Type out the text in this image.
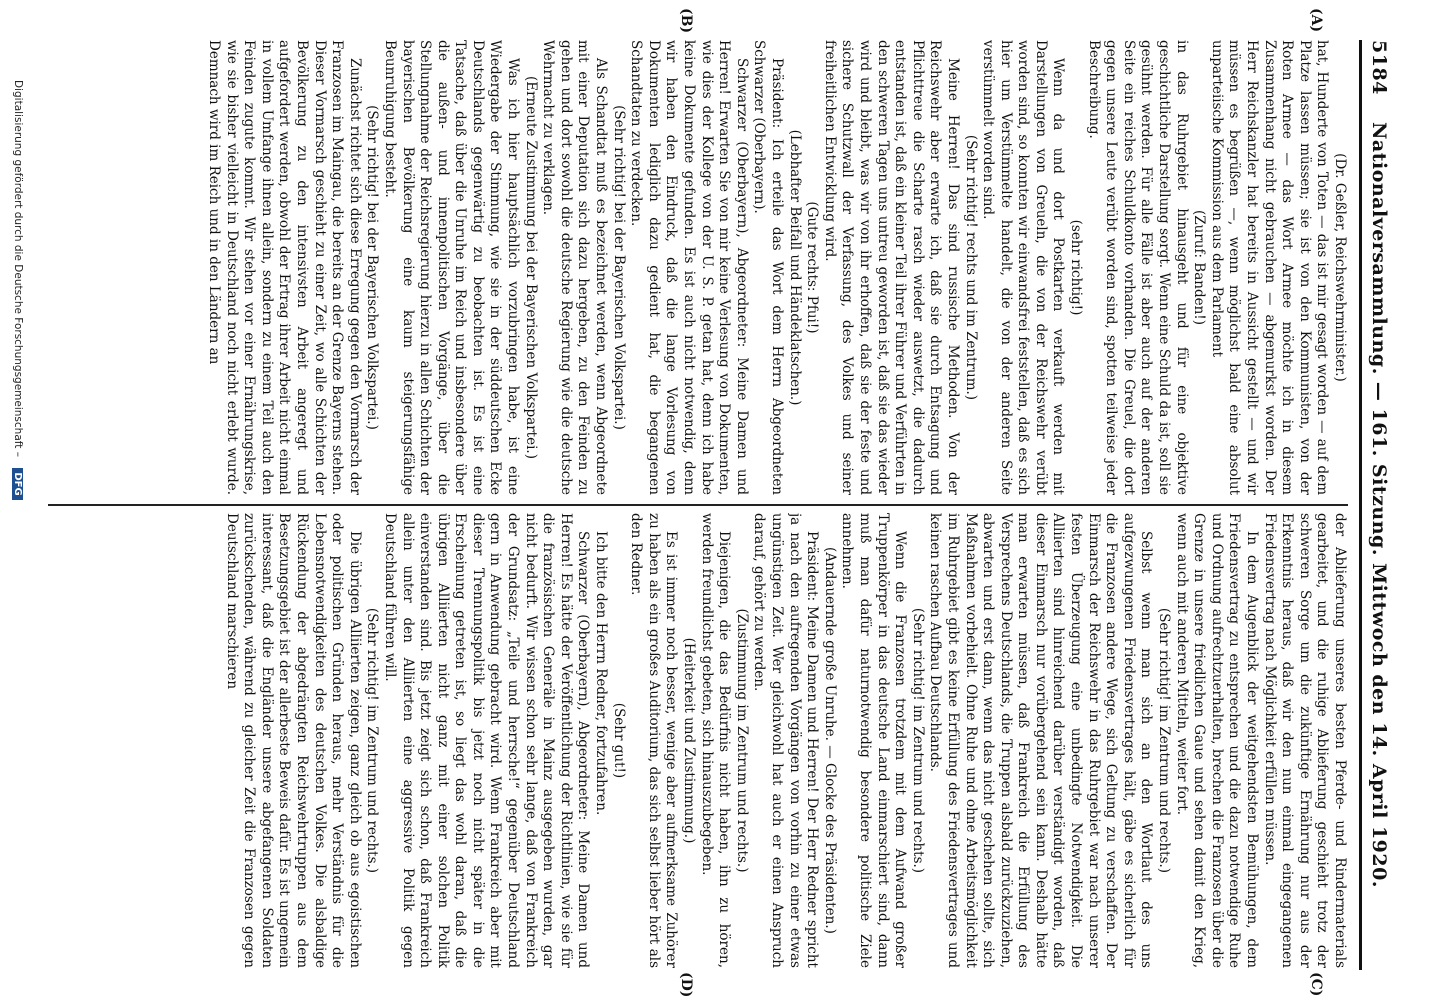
5184
Nationalversammlung. — 161. Sitzung. Mittwoch den 14. April 1920.
(A)
(B)
(C)
(D)

(Dr. Geßler, Reichswehrminister.)

hat, Hunderte von Toten — das ist mir gesagt worden — auf dem Platze lassen müssen; sie ist von den Kommunisten, von der Roten Armee — das Wort Armee möchte ich in diesem Zusammenhang nicht gebrauchen — abgemurkst worden. Der Herr Reichskanzler hat bereits in Aussicht gestellt — und wir müssen es begrüßen —, wenn möglichst bald eine absolut unparteiische Kommission aus dem Parlament

(Zuruf: Banden!)

in das Ruhrgebiet hinausgeht und für eine objektive geschichtliche Darstellung sorgt. Wenn eine Schuld da ist, soll sie gesühnt werden. Für alle Fälle ist aber auch auf der anderen Seite ein reiches Schuldkonto vorhanden. Die Greuel, die dort gegen unsere Leute verübt worden sind, spotten teilweise jeder Beschreibung.

(sehr richtig!)

Wenn da und dort Postkarten verkauft werden mit Darstellungen von Greueln, die von der Reichswehr verübt worden sind, so konnten wir einwandsfrei feststellen, daß es sich hier um Verstümmelte handelt, die von der anderen Seite verstümmelt worden sind.

(Sehr richtig! rechts und im Zentrum.)

Meine Herren! Das sind russische Methoden. Von der Reichswehr aber erwarte ich, daß sie durch Entsagung und Pflichttreue die Scharte rasch wieder auswetzt, die dadurch entstanden ist, daß ein kleiner Teil ihrer Führer und Verführten in den schweren Tagen uns untreu geworden ist, daß sie das wieder wird und bleibt, was wir von ihr erhoffen, daß sie der feste und sichere Schutzwall der Verfassung, des Volkes und seiner freiheitlichen Entwicklung wird.

(Gute rechts: Pfui!)

(Lebhafter Beifall und Händeklatschen.)

Präsident: Ich erteile das Wort dem Herrn Abgeordneten Schwarzer (Oberbayern).

Schwarzer (Oberbayern), Abgeordneter: Meine Damen und Herren! Erwarten Sie von mir keine Verlesung von Dokumenten, wie dies der Kollege von der U. S. P. getan hat, denn ich habe keine Dokumente gefunden. Es ist auch nicht notwendig, denn wir haben den Eindruck, daß die lange Vorlesung von Dokumenten lediglich dazu gedient hat, die begangenen Schandtaten zu verdecken.

(Sehr richtig! bei der Bayerischen Volkspartei.)

Als Schandtat muß es bezeichnet werden, wenn Abgeordnete mit einer Deputation sich dazu hergeben, zu den Feinden zu gehen und dort sowohl die deutsche Regierung wie die deutsche Wehrmacht zu verklagen.

(Erneute Zustimmung bei der Bayerischen Volkspartei.)

Was ich hier hauptsächlich vorzubringen habe, ist eine Wiedergabe der Stimmung, wie sie in der süddeutschen Ecke Deutschlands gegenwärtig zu beobachten ist. Es ist eine Tatsache, daß über die Unruhe im Reich und insbesondere über die außen- und innenpolitischen Vorgänge, über die Stellungnahme der Reichsregierung hierzu in allen Schichten der bayerischen Bevölkerung eine kaum steigerungsfähige Beunruhigung besteht.

(Sehr richtig! bei der Bayerischen Volkspartei.)

Zunächst richtet sich diese Erregung gegen den Vormarsch der Franzosen im Maingau, die bereits an der Grenze Bayerns stehen. Dieser Vormarsch geschieht zu einer Zeit, wo alle Schichten der Bevölkerung zu den intensivsten Arbeit angeregt und aufgefordert werden, obwohl der Ertrag ihrer Arbeit nicht einmal in vollem Umfange ihnen allein, sondern zu einem Teil auch den Feinden zugute kommt. Wir stehen vor einer Ernährungskrise, wie sie bisher vielleicht in Deutschland noch nicht erlebt wurde. Demnach wird im Reich und in den Ländern an

der Ablieferung unseres besten Pferde- und Rindermaterials gearbeitet, und die ruhige Ablieferung geschieht trotz der schweren Sorge um die zukünftige Ernährung nur aus der Erkenntnis heraus, daß wir den nun einmal eingegangenen Friedensvertrag nach Möglichkeit erfüllen müssen.

In dem Augenblick der weitgehendsten Bemühungen, dem Friedensvertrag zu entsprechen und die dazu notwendige Ruhe und Ordnung aufrechtzuerhalten, brechen die Franzosen über die Grenze in unsere friedlichen Gaue und sehen damit den Krieg, wenn auch mit anderen Mitteln, weiter fort.

(Sehr richtig! im Zentrum und rechts.)

Selbst wenn man sich an den Wortlaut des uns aufgezwungenen Friedensvertrages hält, gäbe es sicherlich für die Franzosen andere Wege, sich Geltung zu verschaffen. Der Einmarsch der Reichswehr in das Ruhrgebiet war nach unserer festen Überzeugung eine unbedingte Notwendigkeit. Die Alliierten sind hinreichend darüber verständigt worden, daß dieser Einmarsch nur vorübergehend sein kann. Deshalb hätte man erwarten müssen, daß Frankreich die Erfüllung des Versprechens Deutschlands, die Truppen alsbald zurückzuziehen, abwarten und erst dann, wenn das nicht geschehen sollte, sich Maßnahmen vorbehielt. Ohne Ruhe und ohne Arbeitsmöglichkeit im Ruhrgebiet gibt es keine Erfüllung des Friedensvertrages und keinen raschen Aufbau Deutschlands.

(Sehr richtig! im Zentrum und rechts.)

Wenn die Franzosen trotzdem mit dem Aufwand großer Truppenkörper in das deutsche Land einmarschiert sind, dann muß man dafür naturnotwendig besondere politische Ziele annehmen.

(Andauernde große Unruhe. — Glocke des Präsidenten.)

Präsident: Meine Damen und Herren! Der Herr Redner spricht ja nach den aufregenden Vorgängen von vorhin zu einer etwas ungünstigen Zeit. Wer gleichwohl hat auch er einen Anspruch darauf, gehört zu werden.

(Zustimmung im Zentrum und rechts.)

Diejenigen, die das Bedürfnis nicht haben, ihn zu hören, werden freundlichst gebeten, sich hinauszubegeben.

(Heiterkeit und Zustimmung.)

Es ist immer noch besser, wenige aber aufmerksame Zuhörer zu haben als ein großes Auditorium, das sich selbst lieber hört als den Redner.

(Sehr gut!)

Ich bitte den Herrn Redner, fortzufahren.

Schwarzer (Oberbayern), Abgeordneter: Meine Damen und Herren! Es hätte der Veröffentlichung der Richtlinien, wie sie für die französischen Generäle in Mainz ausgegeben wurden, gar nicht bedurft. Wir wissen schon sehr lange, daß von Frankreich der Grundsatz: „Teile und herrsche!“ gegenüber Deutschland gern in Anwendung gebracht wird. Wenn Frankreich aber mit dieser Trennungspolitik bis jetzt noch nicht später in die Erscheinung getreten ist, so liegt das wohl daran, daß die übrigen Alliierten nicht ganz mit einer solchen Politik einverstanden sind. Bis jetzt zeigt sich schon, daß Frankreich allein unter den Alliierten eine aggressive Politik gegen Deutschland führen will.

(Sehr richtig! im Zentrum und rechts.)

Die übrigen Alliierten zeigen, ganz gleich ob aus egoistischen oder politischen Gründen heraus, mehr Verständnis für die Lebensnotwendigkeiten des deutschen Volkes. Die alsbaldige Rückendung der abgedrängten Reichswehrtruppen aus dem Besetzungsgebiet ist der allerbeste Beweis dafür. Es ist ungemein interessant, daß die Engländer unsere abgefangenen Soldaten zurückschenden, während zu gleicher Zeit die Franzosen gegen Deutschland marschieren

Digitalisierung gefördert durch die Deutsche Forschungsgemeinschaft – DFG
